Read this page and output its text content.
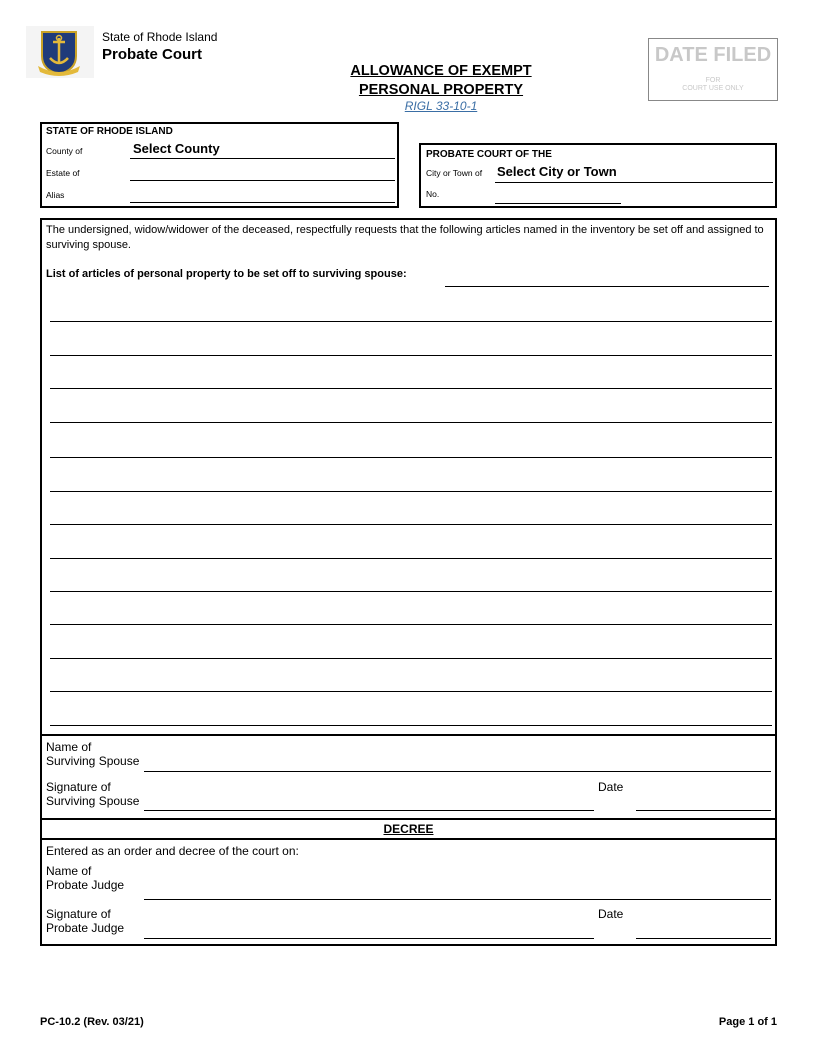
State of Rhode Island
Probate Court
ALLOWANCE OF EXEMPT
PERSONAL PROPERTY
RIGL 33-10-1
DATE FILED
FOR
COURT USE ONLY
STATE OF RHODE ISLAND
County of	Select County
Estate of
Alias
PROBATE COURT OF THE
City or Town of Select City or Town
No.
The undersigned, widow/widower of the deceased, respectfully requests that the following articles named in the inventory be set off and assigned to surviving spouse.
List of articles of personal property to be set off to surviving spouse:
Name of
Surviving Spouse
Signature of
Surviving Spouse
Date
DECREE
Entered as an order and decree of the court on:
Name of
Probate Judge
Signature of
Probate Judge
Date
PC-10.2 (Rev. 03/21)	Page 1 of 1
